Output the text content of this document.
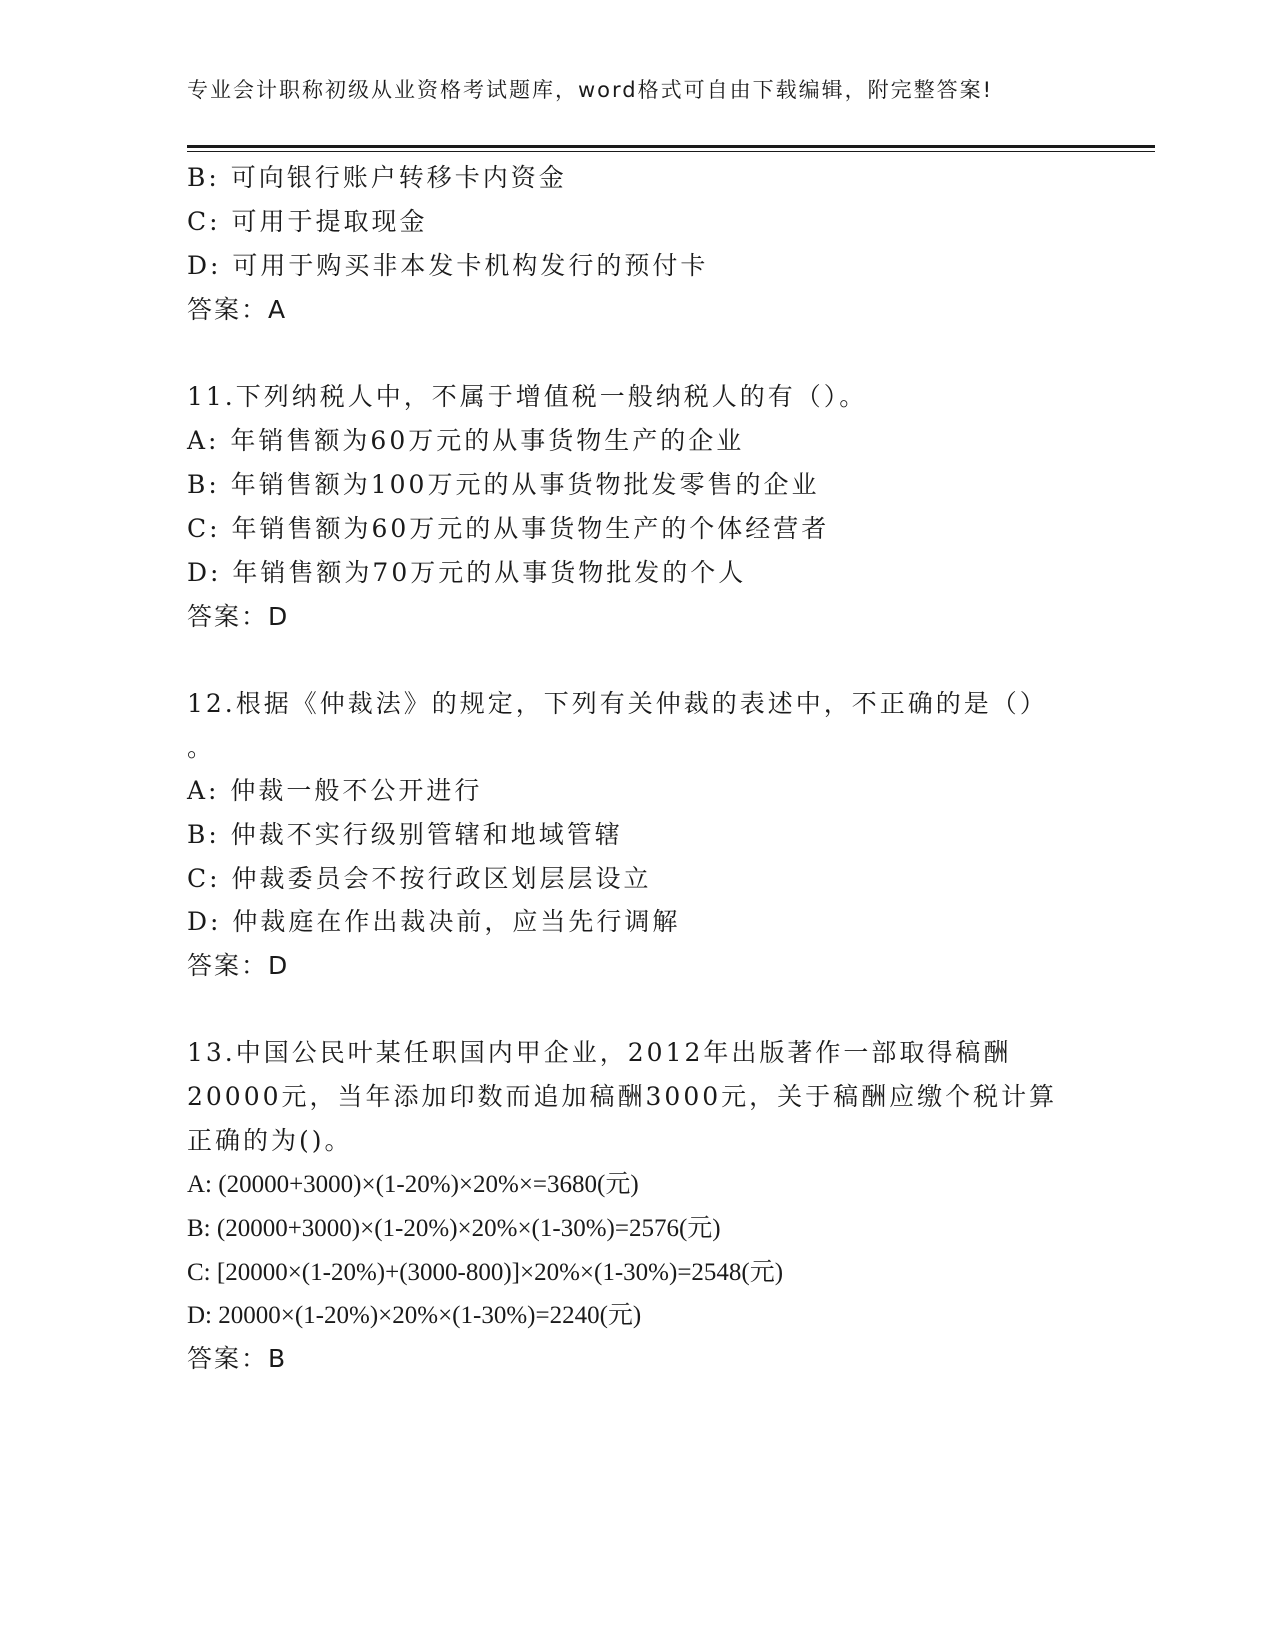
专业会计职称初级从业资格考试题库，word格式可自由下载编辑，附完整答案!
B: 可向银行账户转移卡内资金
C: 可用于提取现金
D: 可用于购买非本发卡机构发行的预付卡
答案：A
11.下列纳税人中，不属于增值税一般纳税人的有（）。
A: 年销售额为60万元的从事货物生产的企业
B: 年销售额为100万元的从事货物批发零售的企业
C: 年销售额为60万元的从事货物生产的个体经营者
D: 年销售额为70万元的从事货物批发的个人
答案：D
12.根据《仲裁法》的规定，下列有关仲裁的表述中，不正确的是（）
。
A: 仲裁一般不公开进行
B: 仲裁不实行级别管辖和地域管辖
C: 仲裁委员会不按行政区划层层设立
D: 仲裁庭在作出裁决前，应当先行调解
答案：D
13.中国公民叶某任职国内甲企业，2012年出版著作一部取得稿酬
20000元，当年添加印数而追加稿酬3000元，关于稿酬应缴个税计算
正确的为()。
A: (20000+3000)×(1-20%)×20%×=3680(元)
B: (20000+3000)×(1-20%)×20%×(1-30%)=2576(元)
C: [20000×(1-20%)+(3000-800)]×20%×(1-30%)=2548(元)
D: 20000×(1-20%)×20%×(1-30%)=2240(元)
答案：B
